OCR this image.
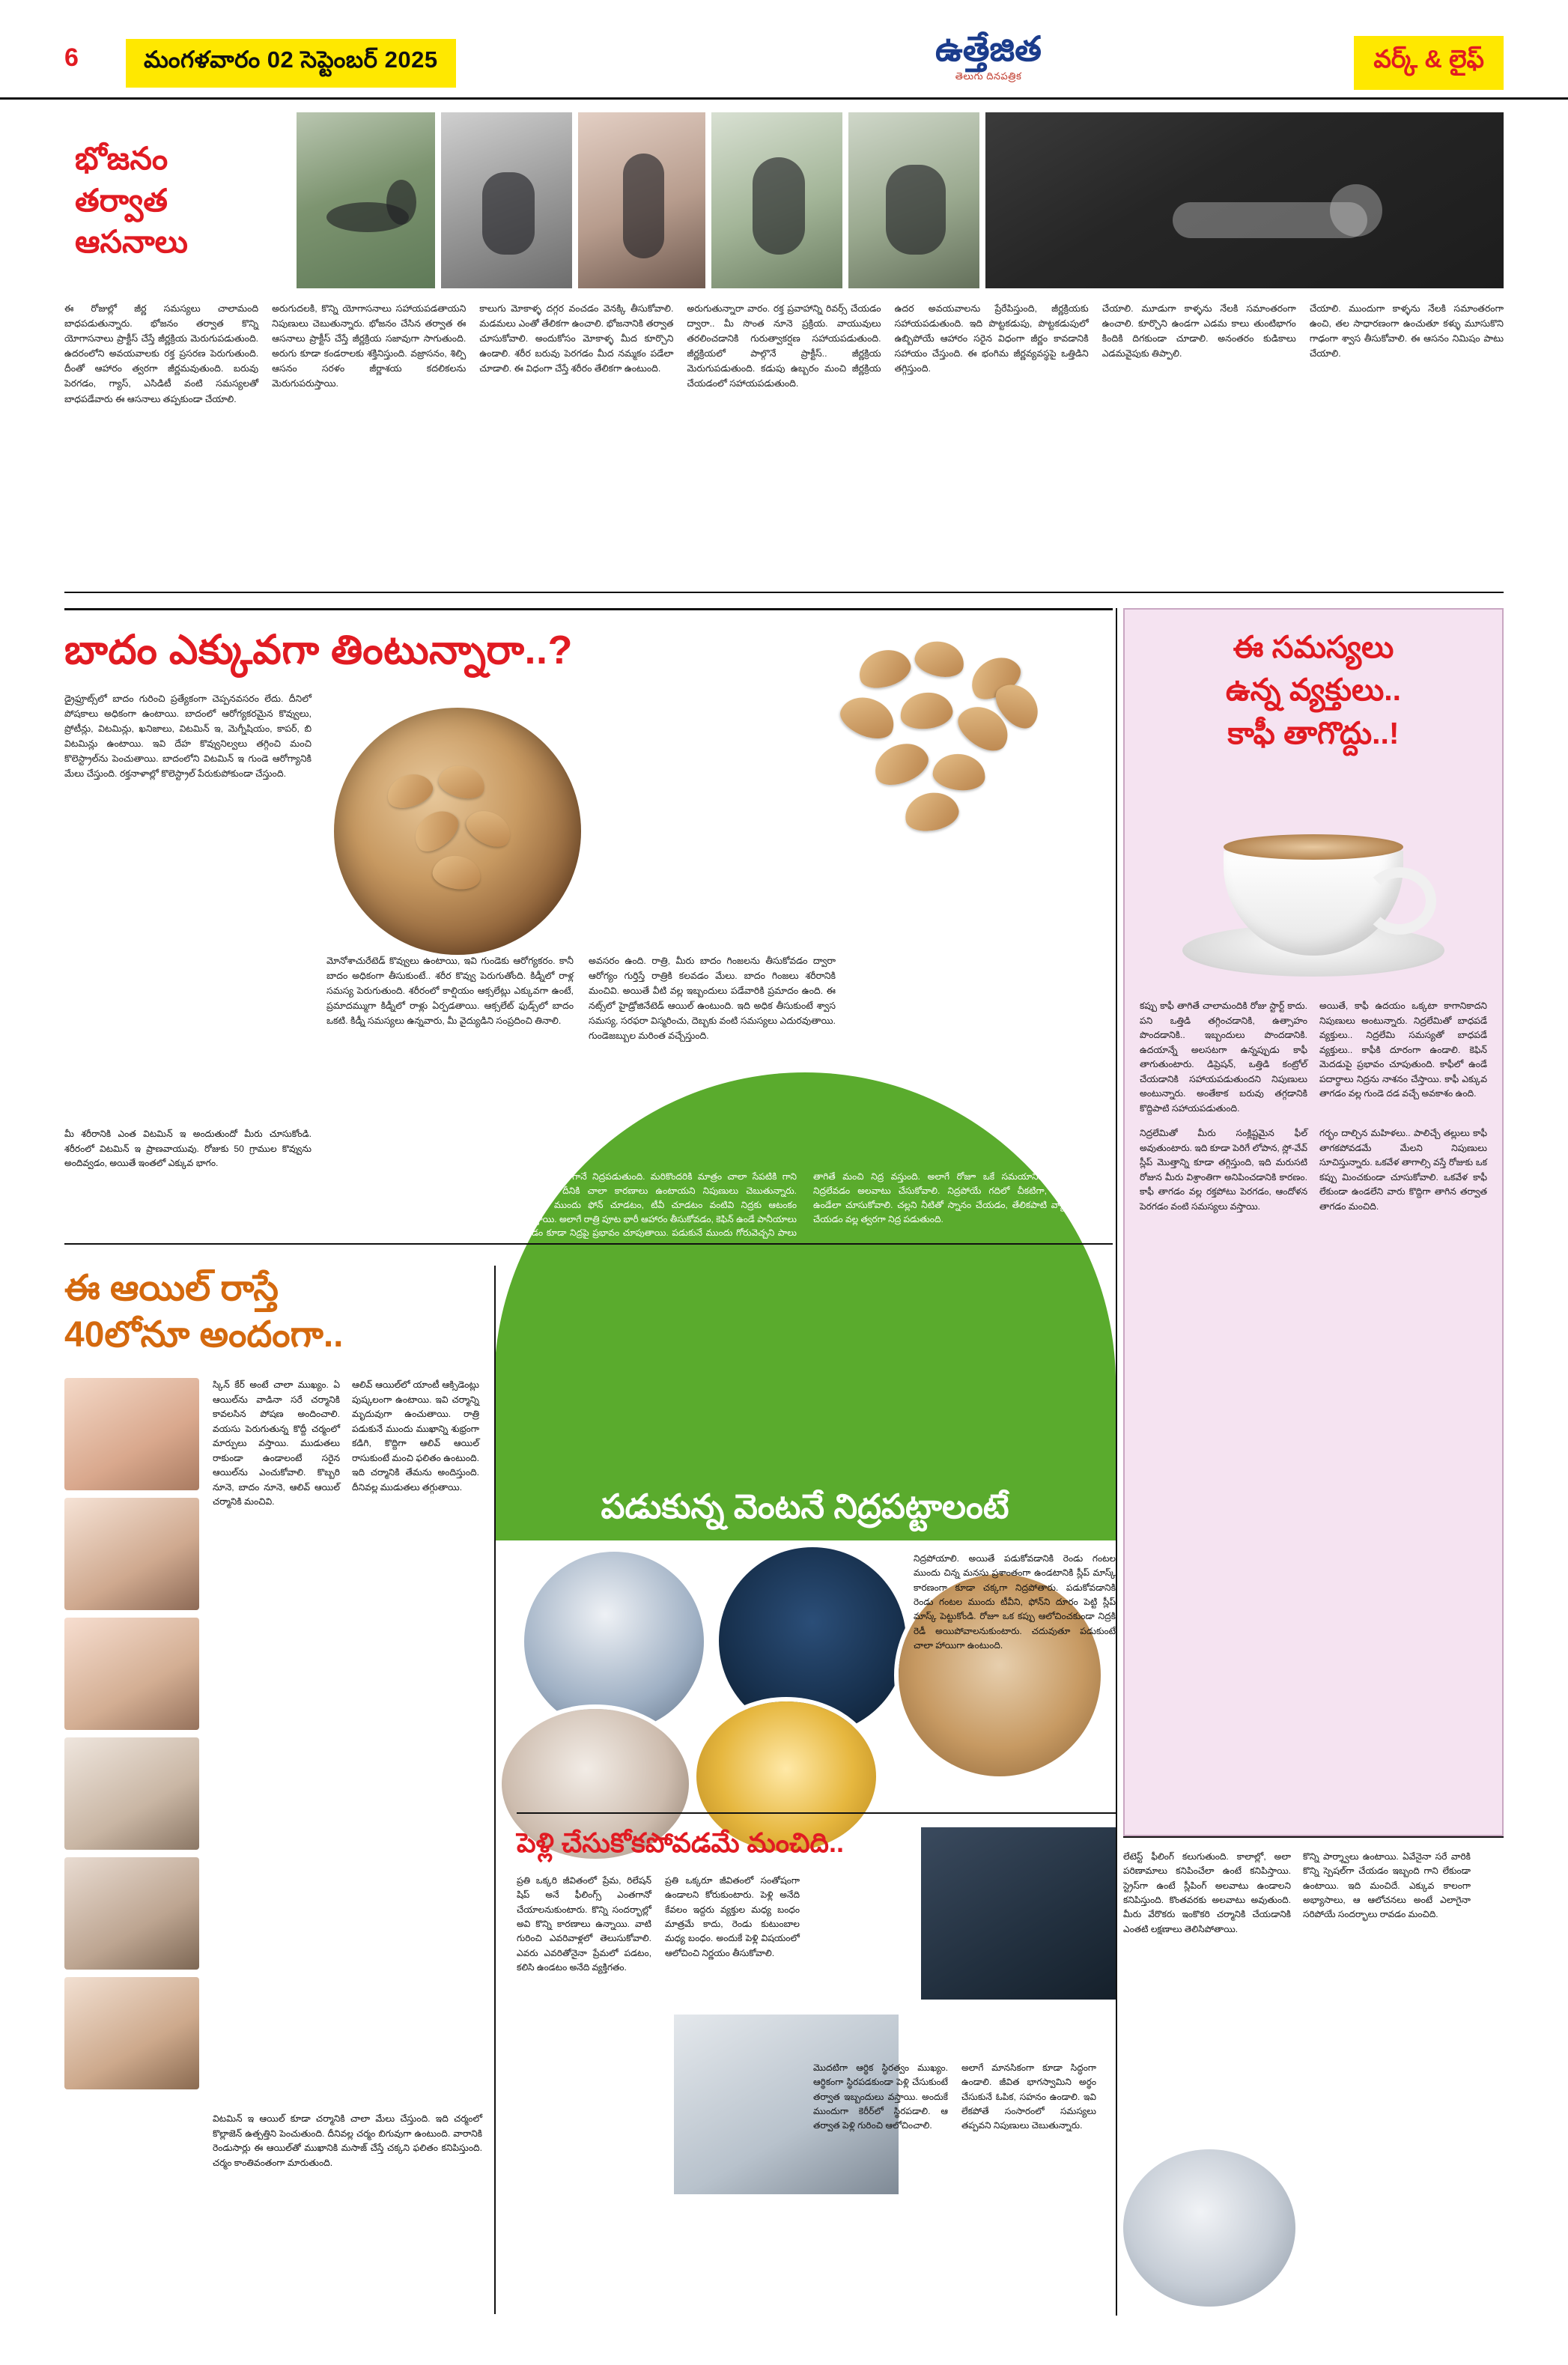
6	మంగళవారం 02 సెప్టెంబర్ 2025	ఉత్తేజిత
తెలుగు దినపత్రిక
వర్క్ & లైఫ్
భోజనం
తర్వాత
ఆసనాలు
ఈ రోజుల్లో జీర్ణ సమస్యలు చాలామంది బాధపడుతున్నారు. భోజనం తర్వాత కొన్ని యోగాసనాలు ప్రాక్టీస్ చేస్తే జీర్ణక్రియ మెరుగుపడుతుంది. ఉదరంలోని అవయవాలకు రక్త ప్రసరణ పెరుగుతుంది. దీంతో ఆహారం త్వరగా జీర్ణమవుతుంది. బరువు పెరగడం, గ్యాస్, ఎసిడిటీ వంటి సమస్యలతో బాధపడేవారు ఈ ఆసనాలు తప్పకుండా చేయాలి.
అరుగుదలకి, కొన్ని యోగాసనాలు సహాయపడతాయని నిపుణులు చెబుతున్నారు. భోజనం చేసిన తర్వాత ఈ ఆసనాలు ప్రాక్టీస్ చేస్తే జీర్ణక్రియ సజావుగా సాగుతుంది. అరుగు కూడా కండరాలకు శక్తినిస్తుంది. వజ్రాసనం, శిల్పి ఆసనం సరళం జీర్ణాశయ కదలికలను మెరుగుపరుస్తాయి.
కాలుగు మోకాళ్ళ దగ్గర వంచడం వెనక్కి తీసుకోవాలి. మడమలు ఎంతో తేలికగా ఉంచాలి. భోజనానికి తర్వాత చూసుకోవాలి. అందుకోసం మోకాళ్ళ మీద కూర్చొని ఉండాలి. శరీర బరువు పెరగడం మీద నమ్మకం పడేలా చూడాలి. ఈ విధంగా చేస్తే శరీరం తేలికగా ఉంటుంది.
అరుగుతున్నారా వారం. రక్త ప్రవాహాన్ని రివర్స్ చేయడం ద్వారా.. మీ సొంత నూనె ప్రక్రియ. వాయువులు తరలించడానికి గురుత్వాకర్షణ సహాయపడుతుంది. జీర్ణక్రియలో పాల్గొనే ప్రాక్టీస్.. జీర్ణక్రియ మెరుగుపడుతుంది. కడుపు ఉబ్బరం మంచి జీర్ణక్రియ చేయడంలో సహాయపడుతుంది.
ఉదర అవయవాలను ప్రేరేపిస్తుంది, జీర్ణక్రియకు సహాయపడుతుంది. ఇది పొట్టకడుపు, పొట్టకడుపులో ఉబ్బిపోయే ఆహారం సరైన విధంగా జీర్ణం కావడానికి సహాయం చేస్తుంది. ఈ భంగిమ జీర్ణవ్యవస్థపై ఒత్తిడిని తగ్గిస్తుంది.
చేయాలి. మూడుగా కాళ్ళను నేలకి సమాంతరంగా ఉంచాలి. కూర్చొని ఉండగా ఎడమ కాలు తుంటిభాగం కిందికి దిగకుండా చూడాలి. అనంతరం కుడికాలు ఎడమవైపుకు తిప్పాలి.
చేయాలి. ముందుగా కాళ్ళను నేలకి సమాంతరంగా ఉంచి, తల సాధారణంగా ఉంచుతూ కళ్ళు మూసుకొని గాఢంగా శ్వాస తీసుకోవాలి. ఈ ఆసనం నిమిషం పాటు చేయాలి.
బాదం ఎక్కువగా తింటున్నారా..?
డ్రైఫ్రూట్స్‌లో బాదం గురించి ప్రత్యేకంగా చెప్పనవసరం లేదు. దీనిలో పోషకాలు అధికంగా ఉంటాయి. బాదంలో ఆరోగ్యకరమైన కొవ్వులు, ప్రోటీన్లు, విటమిన్లు, ఖనిజాలు, విటమిన్ ఇ, మెగ్నీషియం, కాపర్, బి విటమిన్లు ఉంటాయి. ఇవి దేహ కొవ్వునిల్వలు తగ్గించి మంచి కొలెస్ట్రాల్‌ను పెంచుతాయి. బాదంలోని విటమిన్ ఇ గుండె ఆరోగ్యానికి మేలు చేస్తుంది. రక్తనాళాల్లో కొలెస్ట్రాల్ పేరుకుపోకుండా చేస్తుంది.
మోనోశాచురేటెడ్ కొవ్వులు ఉంటాయి, ఇవి గుండెకు ఆరోగ్యకరం. కానీ బాదం అధికంగా తీసుకుంటే.. శరీర కొవ్వు పెరుగుతోంది. కిడ్నీలో రాళ్ల సమస్య పెరుగుతుంది. శరీరంలో కాల్షియం ఆక్సలేట్లు ఎక్కువగా ఉంటే, ప్రమాదమ్ముగా కిడ్నీలో రాళ్లు ఏర్పడతాయి. ఆక్సలేట్ ఫుడ్స్‌లో బాదం ఒకటి. కిడ్నీ సమస్యలు ఉన్నవారు, మీ వైద్యుడిని సంప్రదించి తినాలి.
అవసరం ఉంది. రాత్రి, మీరు బాదం గింజలను తీసుకోవడం ద్వారా ఆరోగ్యం గుర్తిస్తే రాత్రికి కలవడం మేలు. బాదం గింజలు శరీరానికి మంచివి. అయితే వీటి వల్ల ఇబ్బందులు పడేవారికి ప్రమాదం ఉంది. ఈ నట్స్‌లో హైడ్రోజినేటెడ్ ఆయిల్ ఉంటుంది. ఇది అధిక తీసుకుంటే శ్వాస సమస్య, సరఫరా విస్మరించు, దెబ్బకు వంటి సమస్యలు ఎదురవుతాయి. గుండెజబ్బుల మరింత వచ్చేస్తుంది.
మీ శరీరానికి ఎంత విటమిన్ ఇ అందుతుందో మీరు చూసుకోండి. శరీరంలో విటమిన్ ఇ ప్రాణవాయువు. రోజుకు 50 గ్రాముల కొవ్వును అందివ్వడం, అయితే ఇంతలో ఎక్కువ భాగం.
ఈ సమస్యలు
ఉన్న వ్యక్తులు..
కాఫీ తాగొద్దు..!
కప్పు కాఫీ తాగితే చాలామందికి రోజు స్టార్ట్ కాదు. పని ఒత్తిడి తగ్గించడానికి, ఉత్సాహం పొందడానికి.. ఇబ్బందులు పొందడానికి. ఉదయాన్నే అలసటగా ఉన్నప్పుడు కాఫీ తాగుతుంటారు. డిప్రెషన్, ఒత్తిడి కంట్రోల్ చేయడానికి సహాయపడుతుందని నిపుణులు అంటున్నారు. అంతేకాక బరువు తగ్గడానికి కొద్దిపాటి సహాయపడుతుంది.
అయితే, కాఫీ ఉదయం ఒక్కటా కాగానికాదని నిపుణులు అంటున్నారు. నిద్రలేమితో బాధపడే వ్యక్తులు.. నిద్రలేమి సమస్యతో బాధపడే వ్యక్తులు.. కాఫీకి దూరంగా ఉండాలి. కెఫిన్ మెదడుపై ప్రభావం చూపుతుంది. కాఫీలో ఉండే పదార్థాలు నిద్రను నాశనం చేస్తాయి. కాఫీ ఎక్కువ తాగడం వల్ల గుండె దడ వచ్చే అవకాశం ఉంది.
నిద్రలేమితో మీరు సంక్లిష్టమైన ఫీల్ అవుతుంటారు. ఇది కూడా పెరిగే లోపాన, స్లో-వేవ్ స్లీప్ మొత్తాన్ని కూడా తగ్గిస్తుంది, ఇది మరుసటి రోజున మీరు విశ్రాంతిగా అనిపించడానికి కారణం. కాఫీ తాగడం వల్ల రక్తపోటు పెరగడం, ఆందోళన పెరగడం వంటి సమస్యలు వస్తాయి.
గర్భం దాల్చిన మహిళలు.. పాలిచ్చే తల్లులు కాఫీ తాగకపోవడమే మేలని నిపుణులు సూచిస్తున్నారు. ఒకవేళ తాగాల్సి వస్తే రోజుకు ఒక కప్పు మించకుండా చూసుకోవాలి. ఒకవేళ కాఫీ లేకుండా ఉండలేని వారు కొద్దిగా తాగిన తర్వాత తాగడం మంచిది.
కొందరికి పడుకోగానే నిద్రపడుతుంది. మరికొందరికి మాత్రం చాలా సేపటికి గాని నిద్రపట్టదు. దీనికి చాలా కారణాలు ఉంటాయని నిపుణులు చెబుతున్నారు. పడుకునే ముందు ఫోన్ చూడటం, టీవీ చూడటం వంటివి నిద్రకు ఆటంకం కలిగిస్తాయి. అలాగే రాత్రి పూట భారీ ఆహారం తీసుకోవడం, కెఫిన్ ఉండే పానీయాలు తాగడం కూడా నిద్రపై ప్రభావం చూపుతాయి. పడుకునే ముందు గోరువెచ్చని పాలు తాగితే మంచి నిద్ర వస్తుంది. అలాగే రోజూ ఒకే సమయానికి పడుకోవడం, నిద్రలేవడం అలవాటు చేసుకోవాలి. నిద్రపోయే గదిలో చీకటిగా, ప్రశాంతంగా ఉండేలా చూసుకోవాలి. చల్లని నీటితో స్నానం చేయడం, తేలికపాటి వ్యాయామం చేయడం వల్ల త్వరగా నిద్ర పడుతుంది.
పడుకున్న వెంటనే నిద్రపట్టాలంటే
నిద్రపోయాలి. అయితే పడుకోవడానికి రెండు గంటల ముందు చిన్న మనసు ప్రశాంతంగా ఉండటానికి స్లీప్ మాస్క్ కారణంగా కూడా చక్కగా నిద్రపోతారు. పడుకోవడానికి రెండు గంటల ముందు టీవీని, ఫోన్‌ని దూరం పెట్టి స్లీప్ మాస్క్ పెట్టుకోండి. రోజూ ఒక కప్పు ఆలోచించకుండా నిద్రకి రెడీ అయిపోవాలనుకుంటారు. చదువుతూ పడుకుంటే చాలా హాయిగా ఉంటుంది.
ఈ ఆయిల్ రాస్తే
40లోనూ అందంగా..
స్కిన్ కేర్ అంటే చాలా ముఖ్యం. ఏ ఆయిల్‌ను వాడినా సరే చర్మానికి కావలసిన పోషణ అందించాలి. వయసు పెరుగుతున్న కొద్దీ చర్మంలో మార్పులు వస్తాయి. ముడుతలు రాకుండా ఉండాలంటే సరైన ఆయిల్‌ను ఎంచుకోవాలి. కొబ్బరి నూనె, బాదం నూనె, ఆలివ్ ఆయిల్ చర్మానికి మంచివి.
ఆలివ్ ఆయిల్‌లో యాంటీ ఆక్సిడెంట్లు పుష్కలంగా ఉంటాయి. ఇవి చర్మాన్ని మృదువుగా ఉంచుతాయి. రాత్రి పడుకునే ముందు ముఖాన్ని శుభ్రంగా కడిగి, కొద్దిగా ఆలివ్ ఆయిల్ రాసుకుంటే మంచి ఫలితం ఉంటుంది. ఇది చర్మానికి తేమను అందిస్తుంది. దీనివల్ల ముడుతలు తగ్గుతాయి.
విటమిన్ ఇ ఆయిల్ కూడా చర్మానికి చాలా మేలు చేస్తుంది. ఇది చర్మంలో కొల్లాజెన్ ఉత్పత్తిని పెంచుతుంది. దీనివల్ల చర్మం బిగువుగా ఉంటుంది. వారానికి రెండుసార్లు ఈ ఆయిల్‌తో ముఖానికి మసాజ్ చేస్తే చక్కని ఫలితం కనిపిస్తుంది. చర్మం కాంతివంతంగా మారుతుంది.
పెళ్లి చేసుకోకపోవడమే మంచిది..
ప్రతి ఒక్కరి జీవితంలో ప్రేమ, రిలేషన్ షిప్ అనే ఫీలింగ్స్ ఎంతగానో చేయాలనుకుంటారు. కొన్ని సందర్భాల్లో అవి కొన్ని కారణాలు ఉన్నాయి. వాటి గురించి ఎవరివాళ్లలో తెలుసుకోవాలి. ఎవరు ఎవరితోనైనా ప్రేమలో పడటం, కలిసి ఉండటం అనేది వ్యక్తిగతం.
ప్రతి ఒక్కరూ జీవితంలో సంతోషంగా ఉండాలని కోరుకుంటారు. పెళ్లి అనేది కేవలం ఇద్దరు వ్యక్తుల మధ్య బంధం మాత్రమే కాదు, రెండు కుటుంబాల మధ్య బంధం. అందుకే పెళ్లి విషయంలో ఆలోచించి నిర్ణయం తీసుకోవాలి.
మొదటిగా ఆర్థిక స్థిరత్వం ముఖ్యం. ఆర్థికంగా స్థిరపడకుండా పెళ్లి చేసుకుంటే తర్వాత ఇబ్బందులు వస్తాయి. అందుకే ముందుగా కెరీర్‌లో స్థిరపడాలి. ఆ తర్వాత పెళ్లి గురించి ఆలోచించాలి.
అలాగే మానసికంగా కూడా సిద్ధంగా ఉండాలి. జీవిత భాగస్వామిని అర్థం చేసుకునే ఓపిక, సహనం ఉండాలి. ఇవి లేకపోతే సంసారంలో సమస్యలు తప్పవని నిపుణులు చెబుతున్నారు.
లేటెస్ట్ ఫీలింగ్ కలుగుతుంది. కాలాల్లో, అలా పరిణామాలు కనిపించేలా ఉంటే కనిపిస్తాయి. స్ట్రెస్‌గా ఉంటే స్లీపింగ్ అలవాటు ఉండాలని కనిపిస్తుంది. కొంతవరకు అలవాటు అవుతుంది. మీరు వేరొకరు ఇంకొకరి చర్మానికి చేయడానికి ఎంతటి లక్షణాలు తెలిసిపోతాయి.
కొన్ని పార్శ్వాలు ఉంటాయి. ఏవేనైనా సరే వారికి కొన్ని స్పెషల్‌గా చేయడం ఇబ్బంది గాని లేకుండా ఉంటాయి. ఇది మంచిదే. ఎక్కువ కాలంగా అభ్యాసాలు, ఆ ఆలోచనలు అంటే ఎలాగైనా సరిపోయే సందర్భాలు రావడం మంచిది.
